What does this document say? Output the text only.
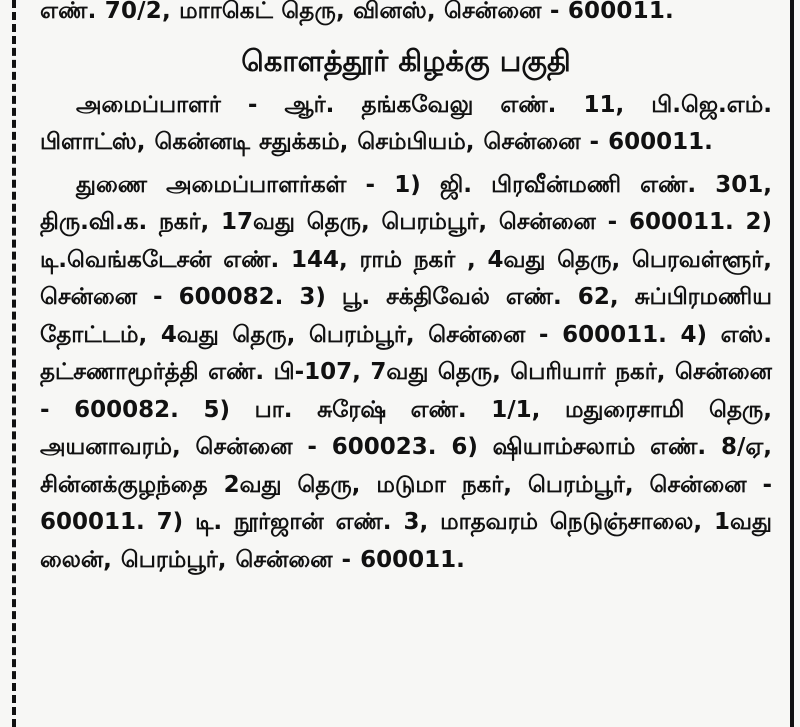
எண். 70/2, மாாகெட் தெரு, வினஸ், சென்னை - 600011.
கொளத்தூர் கிழக்கு பகுதி

அமைப்பாளர் - ஆர். தங்கவேலு எண். 11, பி.ஜெ.எம். பிளாட்ஸ், கென்னடி சதுக்கம், செம்பியம், சென்னை - 600011.

துணை அமைப்பாளர்கள் - 1) ஜி. பிரவீன்மணி எண். 301, திரு.வி.க. நகர், 17வது தெரு, பெரம்பூர், சென்னை - 600011. 2) டி.வெங்கடேசன் எண். 144, ராம் நகர் , 4வது தெரு, பெரவள்ளூர், சென்னை - 600082. 3) பூ. சக்திவேல் எண். 62, சுப்பிரமணிய தோட்டம், 4வது தெரு, பெரம்பூர், சென்னை - 600011. 4) எஸ். தட்சணாமூர்த்தி எண். பி-107, 7வது தெரு, பெரியார் நகர், சென்னை - 600082. 5) பா. சுரேஷ் எண். 1/1, மதுரைசாமி தெரு, அயனாவரம், சென்னை - 600023. 6) ஷியாம்சலாம் எண். 8/ஏ, சின்னக்குழந்தை 2வது தெரு, மடுமா நகர், பெரம்பூர், சென்னை - 600011. 7) டி. நூர்ஜான் எண். 3, மாதவரம் நெடுஞ்சாலை, 1வது லைன், பெரம்பூர், சென்னை - 600011.
